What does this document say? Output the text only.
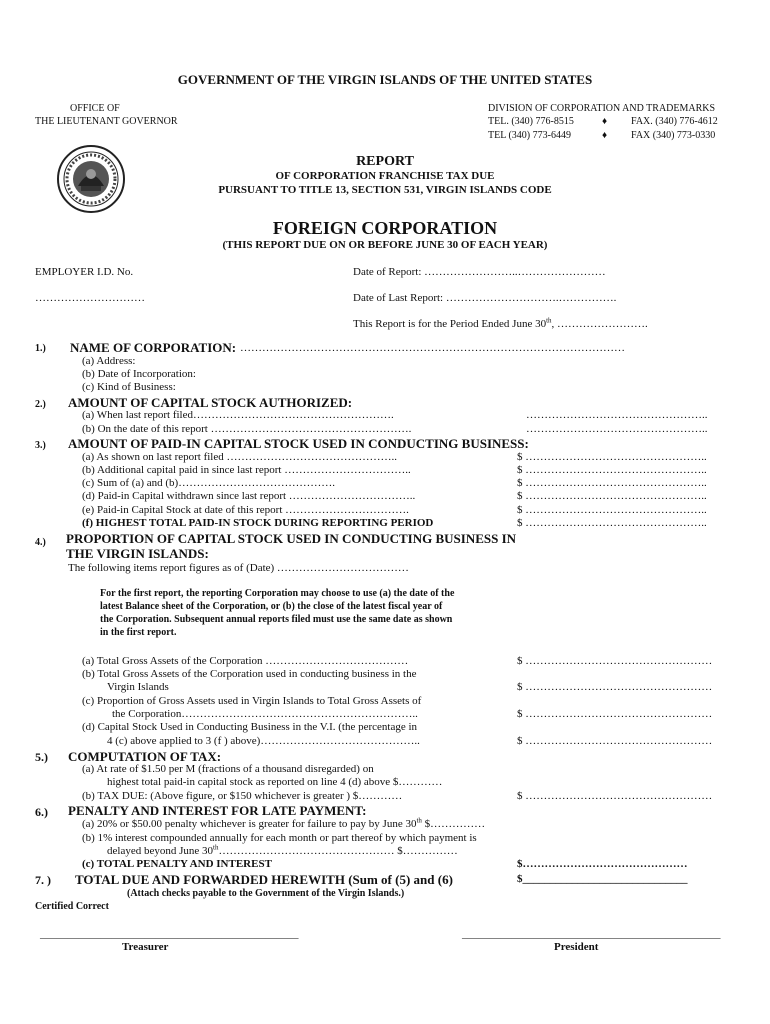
GOVERNMENT OF THE VIRGIN ISLANDS OF THE UNITED STATES
OFFICE OF
THE LIEUTENANT GOVERNOR
DIVISION OF CORPORATION AND TRADEMARKS
TEL. (340) 776-8515	♦ FAX. (340) 776-4612
TEL (340) 773-6449	♦ FAX (340) 773-0330
REPORT
OF CORPORATION FRANCHISE TAX DUE
PURSUANT TO TITLE 13, SECTION 531, VIRGIN ISLANDS CODE
FOREIGN CORPORATION
(THIS REPORT DUE ON OR BEFORE JUNE 30 OF EACH YEAR)
EMPLOYER I.D. No.	Date of Report: ……………………..……………………
…………………………	Date of Last Report: ………………………….…………….
This Report is for the Period Ended June 30th, …………………….
1.) NAME OF CORPORATION: ……………………………………………………………………………………………
(a) Address:
(b) Date of Incorporation:
(c) Kind of Business:
2.) AMOUNT OF CAPITAL STOCK AUTHORIZED:
(a) When last report filed……………………………………………….	…………………………………………..
(b) On the date of this report ……………………………………………….	…………………………………………..
3.) AMOUNT OF PAID-IN CAPITAL STOCK USED IN CONDUCTING BUSINESS:
(a) As shown on last report filed ………………………………………..	$ …………………………………………..
(b) Additional capital paid in since last report ……………………………..	$ …………………………………………..
(c) Sum of (a) and (b)…………………………………….	$ …………………………………………..
(d) Paid-in Capital withdrawn since last report ……………………………..	$ …………………………………………..
(e) Paid-in Capital Stock at date of this report …………………………….	$ …………………………………………..
(f) HIGHEST TOTAL PAID-IN STOCK DURING REPORTING PERIOD	$ …………………………………………..
4.) PROPORTION OF CAPITAL STOCK USED IN CONDUCTING BUSINESS IN
THE VIRGIN ISLANDS:
The following items report figures as of (Date) ………………………………
For the first report, the reporting Corporation may choose to use (a) the date of the
latest Balance sheet of the Corporation, or (b) the close of the latest fiscal year of
the Corporation. Subsequent annual reports filed must use the same date as shown
in the first report.
(a) Total Gross Assets of the Corporation …………………………………	$ ……………………………………………
(b) Total Gross Assets of the Corporation used in conducting business in the
Virgin Islands	$ ……………………………………………
(c) Proportion of Gross Assets used in Virgin Islands to Total Gross Assets of
the Corporation………………………………………………………..	$ ……………………………………………
(d) Capital Stock Used in Conducting Business in the V.I. (the percentage in
4 (c) above applied to 3 (f ) above)……………………………………..	$ ……………………………………………
5.) COMPUTATION OF TAX:
(a) At rate of $1.50 per M (fractions of a thousand disregarded) on
highest total paid-in capital stock as reported on line 4 (d) above $…………
(b) TAX DUE: (Above figure, or $150 whichever is greater ) $…………	$ ……………………………………………
6.) PENALTY AND INTEREST FOR LATE PAYMENT:
(a) 20% or $50.00 penalty whichever is greater for failure to pay by June 30th $……………
(b) 1% interest compounded annually for each month or part thereof by which payment is
delayed beyond June 30th………………………………………… $……………
(c) TOTAL PENALTY AND INTEREST	$………………………………………
7. ) TOTAL DUE AND FORWARDED HEREWITH (Sum of (5) and (6)	$______________________________
(Attach checks payable to the Government of the Virgin Islands.)
Certified Correct
_______________________________________________	_______________________________________________
Treasurer	President
